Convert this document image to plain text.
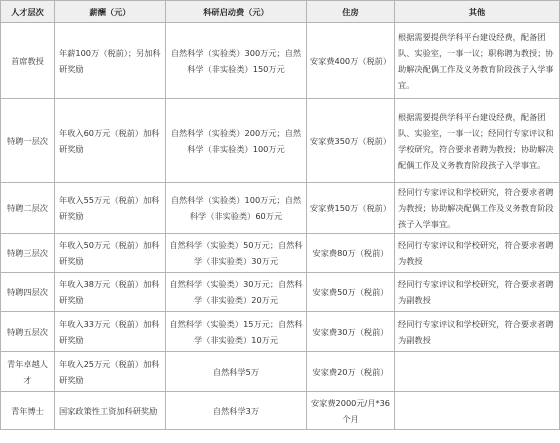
人才层次	薪酬（元）	科研启动费（元）	住房	其他
首席教授	年薪100万（税前）；另加科研奖励	自然科学（实验类）300万元；自然科学（非实验类）150万元	安家费400万（税前）	根据需要提供学科平台建设经费，配备团队、实验室，一事一议；职称聘为教授；协助解决配偶工作及义务教育阶段孩子入学事宜。
特聘一层次	年收入60万元（税前）加科研奖励	自然科学（实验类）200万元；自然科学（非实验类）100万元	安家费350万（税前）	根据需要提供学科平台建设经费，配备团队、实验室，一事一议；经同行专家评议和学校研究，符合要求者聘为教授；协助解决配偶工作及义务教育阶段孩子入学事宜。
特聘二层次	年收入55万元（税前）加科研奖励	自然科学（实验类）100万元；自然科学（非实验类）60万元	安家费150万（税前）	经同行专家评议和学校研究，符合要求者聘为教授；协助解决配偶工作及义务教育阶段孩子入学事宜。
特聘三层次	年收入50万元（税前）加科研奖励	自然科学（实验类）50万元；自然科学（非实验类）30万元	安家费80万（税前）	经同行专家评议和学校研究，符合要求者聘为教授
特聘四层次	年收入38万元（税前）加科研奖励	自然科学（实验类）30万元；自然科学（非实验类）20万元	安家费50万（税前）	经同行专家评议和学校研究，符合要求者聘为副教授
特聘五层次	年收入33万元（税前）加科研奖励	自然科学（实验类）15万元；自然科学（非实验类）10万元	安家费30万（税前）	经同行专家评议和学校研究，符合要求者聘为副教授
青年卓越人才	年收入25万元（税前）加科研奖励	自然科学5万	安家费20万（税前）	
青年博士	国家政策性工资加科研奖励	自然科学3万	安家费2000元/月*36个月	
